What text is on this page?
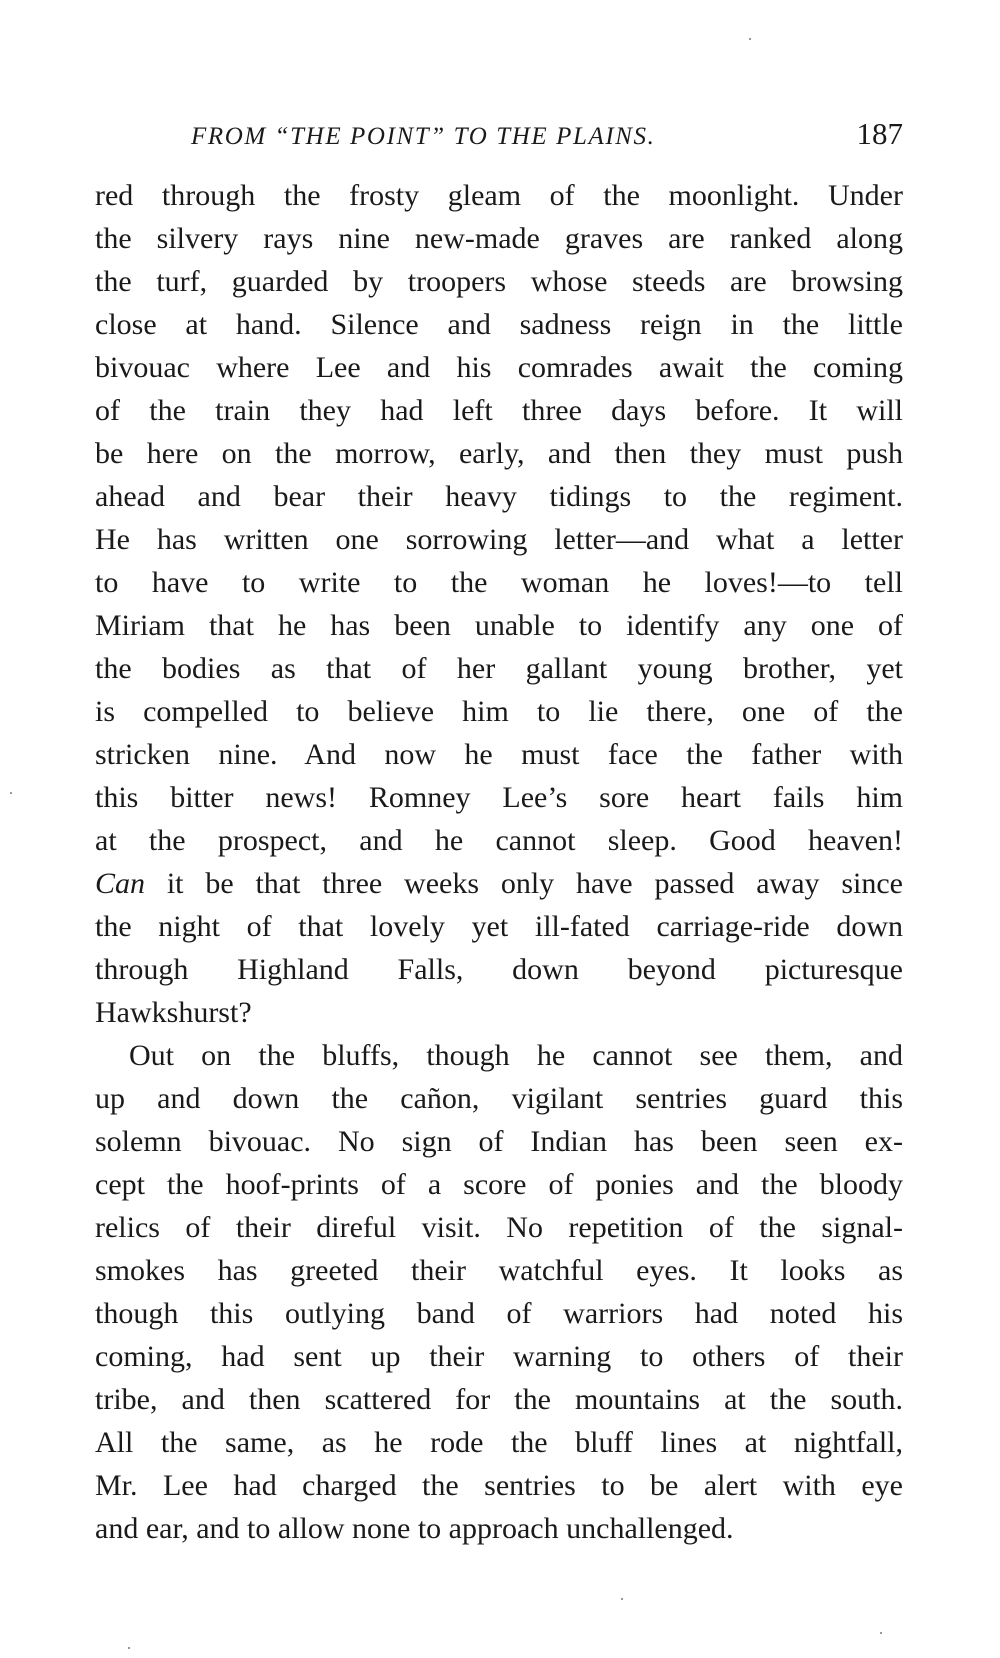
FROM “THE POINT” TO THE PLAINS.	187
red through the frosty gleam of the moonlight. Under
the silvery rays nine new-made graves are ranked along
the turf, guarded by troopers whose steeds are browsing
close at hand. Silence and sadness reign in the little
bivouac where Lee and his comrades await the coming
of the train they had left three days before. It will
be here on the morrow, early, and then they must push
ahead and bear their heavy tidings to the regiment.
He has written one sorrowing letter—and what a letter
to have to write to the woman he loves!—to tell
Miriam that he has been unable to identify any one of
the bodies as that of her gallant young brother, yet
is compelled to believe him to lie there, one of the
stricken nine. And now he must face the father with
this bitter news! Romney Lee’s sore heart fails him
at the prospect, and he cannot sleep. Good heaven!
Can it be that three weeks only have passed away since
the night of that lovely yet ill-fated carriage-ride down
through Highland Falls, down beyond picturesque
Hawkshurst?
Out on the bluffs, though he cannot see them, and
up and down the cañon, vigilant sentries guard this
solemn bivouac. No sign of Indian has been seen ex-
cept the hoof-prints of a score of ponies and the bloody
relics of their direful visit. No repetition of the signal-
smokes has greeted their watchful eyes. It looks as
though this outlying band of warriors had noted his
coming, had sent up their warning to others of their
tribe, and then scattered for the mountains at the south.
All the same, as he rode the bluff lines at nightfall,
Mr. Lee had charged the sentries to be alert with eye
and ear, and to allow none to approach unchallenged.
